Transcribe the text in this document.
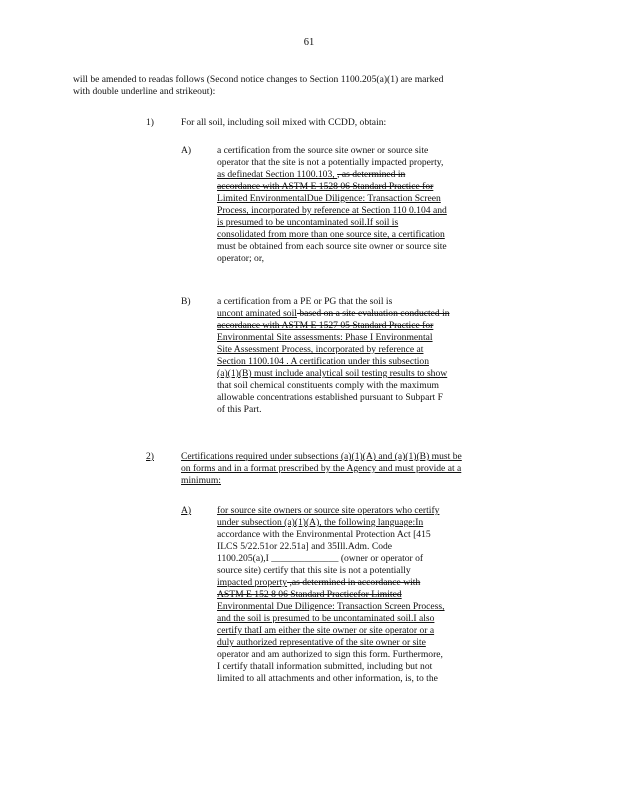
61
will be amended to readas follows (Second notice changes to Section 1100.205(a)(1) are marked
with double underline and strikeout):
1)	For all soil, including soil mixed with CCDD, obtain:
A)	a certification from the source site owner or source site
operator that the site is not a potentially impacted property,
as definedat Section 1100.103, , as determined in
accordance with ASTM E 1528 06 Standard Practice for
Limited EnvironmentalDue Diligence: Transaction Screen
Process, incorporated by reference at Section 110 0.104 and
is presumed to be uncontaminated soil.If soil is
consolidated from more than one source site, a certification
must be obtained from each source site owner or source site
operator; or,
B)	a certification from a PE or PG that the soil is
uncont aminated soil based on a site evaluation conducted in
accordance with ASTM E 1527 05 Standard Practice for
Environmental Site assessments: Phase I Environmental
Site Assessment Process, incorporated by reference at
Section 1100.104 . A certification under this subsection
(a)(1)(B) must include analytical soil testing results to show
that soil chemical constituents comply with the maximum
allowable concentrations established pursuant to Subpart F
of this Part.
2)	Certifications required under subsections (a)(1)(A) and (a)(1)(B) must be
on forms and in a format prescribed by the Agency and must provide at a
minimum:
A)	for source site owners or source site operators who certify
under subsection (a)(1)(A), the following language:In
accordance with the Environmental Protection Act [415
ILCS 5/22.51or 22.51a] and 35Ill.Adm. Code
1100.205(a),I ______________ (owner or operator of
source site) certify that this site is not a potentially
impacted property ,as determined in accordance with
ASTM E 152 8 06 Standard Practicefor Limited
Environmental Due Diligence: Transaction Screen Process,
and the soil is presumed to be uncontaminated soil.I also
certify thatI am either the site owner or site operator or a
duly authorized representative of the site owner or site
operator and am authorized to sign this form. Furthermore,
I certify thatall information submitted, including but not
limited to all attachments and other information, is, to the
